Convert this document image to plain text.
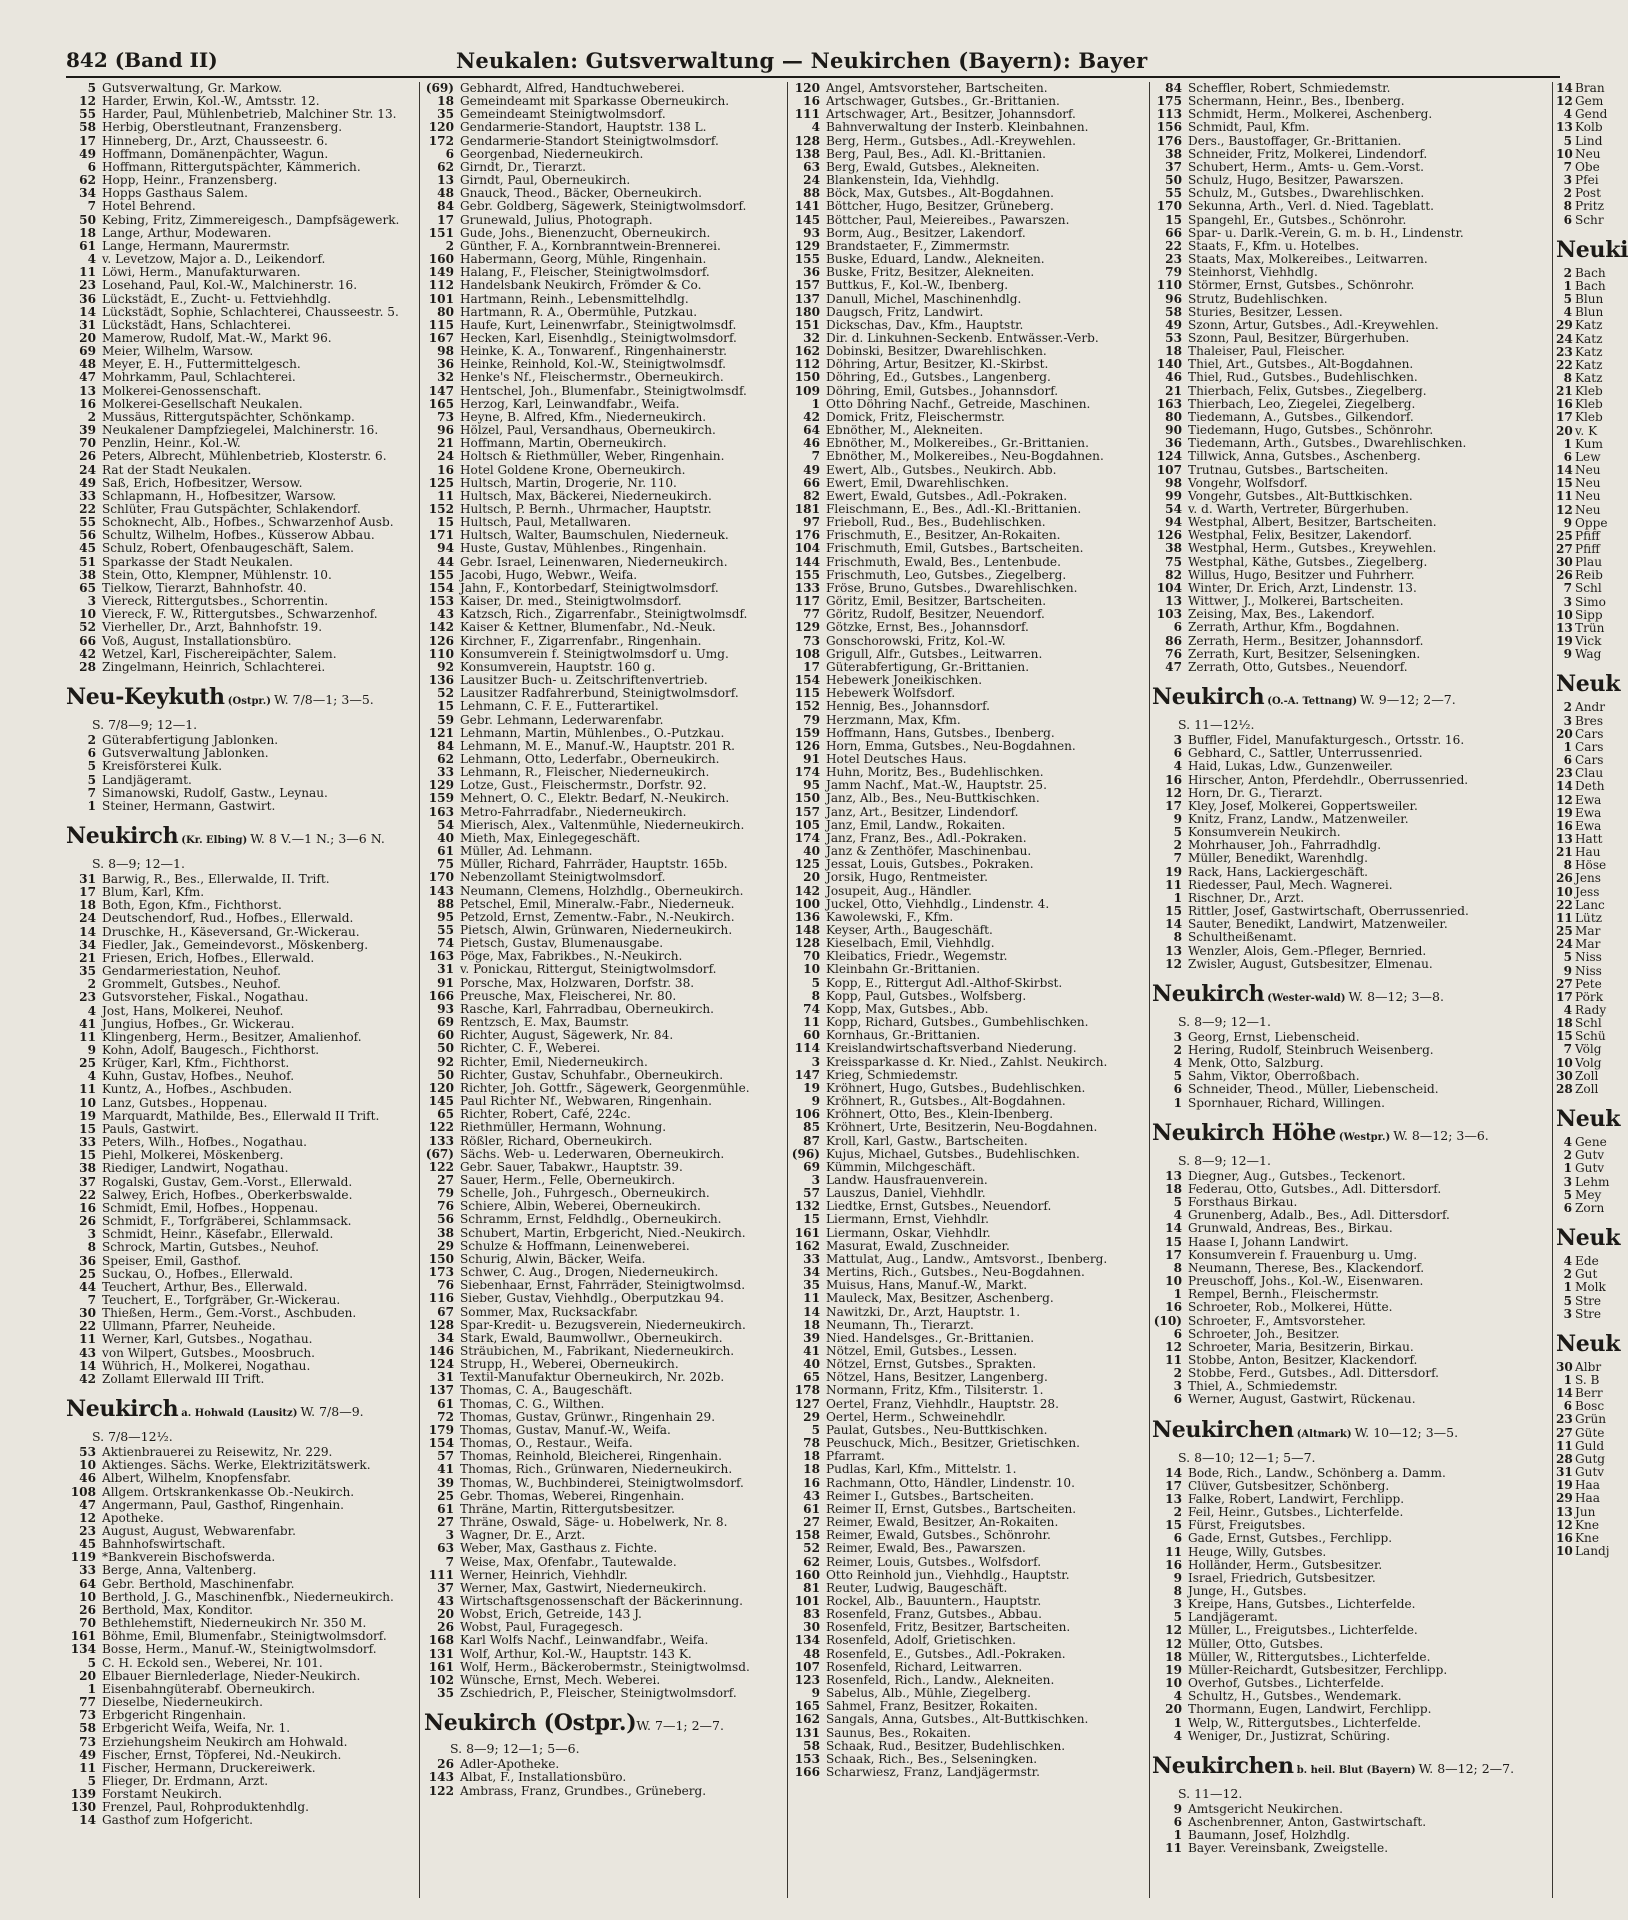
842 (Band II)	Neukalen: Gutsverwaltung — Neukirchen (Bayern): Bayer
5 Gutsverwaltung, Gr. Markow.
12 Harder, Erwin, Kol.-W., Amtsstr. 12.
55 Harder, Paul, Mühlenbetrieb, Malchiner Str. 13.
58 Herbig, Oberstleutnant, Franzensberg.
17 Hinneberg, Dr., Arzt, Chausseestr. 6.
49 Hoffmann, Domänenpächter, Wagun.
6 Hoffmann, Rittergutspächter, Kämmerich.
62 Hopp, Heinr., Franzensberg.
34 Hopps Gasthaus Salem.
7 Hotel Behrend.
50 Kebing, Fritz, Zimmereigesch., Dampfsägewerk.
18 Lange, Arthur, Modewaren.
61 Lange, Hermann, Maurermstr.
4 v. Levetzow, Major a. D., Leikendorf.
11 Löwi, Herm., Manufakturwaren.
23 Losehand, Paul, Kol.-W., Malchinerstr. 16.
36 Lückstädt, E., Zucht- u. Fettviehhdlg.
14 Lückstädt, Sophie, Schlachterei, Chausseestr. 5.
31 Lückstädt, Hans, Schlachterei.
20 Mamerow, Rudolf, Mat.-W., Markt 96.
69 Meier, Wilhelm, Warsow.
48 Meyer, E. H., Futtermittelgesch.
47 Mohrkamm, Paul, Schlachterei.
13 Molkerei-Genossenschaft.
16 Molkerei-Gesellschaft Neukalen.
2 Mussäus, Rittergutspächter, Schönkamp.
39 Neukalener Dampfziegelei, Malchinerstr. 16.
70 Penzlin, Heinr., Kol.-W.
26 Peters, Albrecht, Mühlenbetrieb, Klosterstr. 6.
24 Rat der Stadt Neukalen.
49 Saß, Erich, Hofbesitzer, Wersow.
33 Schlapmann, H., Hofbesitzer, Warsow.
22 Schlüter, Frau Gutspächter, Schlakendorf.
55 Schoknecht, Alb., Hofbes., Schwarzenhof Ausb.
56 Schultz, Wilhelm, Hofbes., Küsserow Abbau.
45 Schulz, Robert, Ofenbaugeschäft, Salem.
51 Sparkasse der Stadt Neukalen.
38 Stein, Otto, Klempner, Mühlenstr. 10.
65 Tielkow, Tierarzt, Bahnhofstr. 40.
3 Viereck, Rittergutsbes., Schorrentin.
10 Viereck, F. W., Rittergutsbes., Schwarzenhof.
52 Vierheller, Dr., Arzt, Bahnhofstr. 19.
66 Voß, August, Installationsbüro.
42 Wetzel, Karl, Fischereipächter, Salem.
28 Zingelmann, Heinrich, Schlachterei.
Neu-Keykuth (Ostpr.) W. 7/8—1; 3—5.
S. 7/8—9; 12—1.
2 Güterabfertigung Jablonken.
6 Gutsverwaltung Jablonken.
5 Kreisförsterei Kulk.
5 Landjägeramt.
7 Simanowski, Rudolf, Gastw., Leynau.
1 Steiner, Hermann, Gastwirt.
Neukirch (Kr. Elbing) W. 8 V.—1 N.; 3—6 N.
S. 8—9; 12—1.
31 Barwig, R., Bes., Ellerwalde, II. Trift.
17 Blum, Karl, Kfm.
18 Both, Egon, Kfm., Fichthorst.
24 Deutschendorf, Rud., Hofbes., Ellerwald.
14 Druschke, H., Käseversand, Gr.-Wickerau.
34 Fiedler, Jak., Gemeindevorst., Möskenberg.
21 Friesen, Erich, Hofbes., Ellerwald.
35 Gendarmeriestation, Neuhof.
2 Grommelt, Gutsbes., Neuhof.
23 Gutsvorsteher, Fiskal., Nogathau.
4 Jost, Hans, Molkerei, Neuhof.
41 Jungius, Hofbes., Gr. Wickerau.
11 Klingenberg, Herm., Besitzer, Amalienhof.
9 Kohn, Adolf, Baugesch., Fichthorst.
25 Krüger, Karl, Kfm., Fichthorst.
4 Kuhn, Gustav, Hofbes., Neuhof.
11 Kuntz, A., Hofbes., Aschbuden.
10 Lanz, Gutsbes., Hoppenau.
19 Marquardt, Mathilde, Bes., Ellerwald II Trift.
15 Pauls, Gastwirt.
33 Peters, Wilh., Hofbes., Nogathau.
15 Piehl, Molkerei, Möskenberg.
38 Riediger, Landwirt, Nogathau.
37 Rogalski, Gustav, Gem.-Vorst., Ellerwald.
22 Salwey, Erich, Hofbes., Oberkerbswalde.
16 Schmidt, Emil, Hofbes., Hoppenau.
26 Schmidt, F., Torfgräberei, Schlammsack.
3 Schmidt, Heinr., Käsefabr., Ellerwald.
8 Schrock, Martin, Gutsbes., Neuhof.
36 Speiser, Emil, Gasthof.
25 Suckau, O., Hofbes., Ellerwald.
44 Teuchert, Arthur, Bes., Ellerwald.
7 Teuchert, E., Torfgräber, Gr.-Wickerau.
30 Thießen, Herm., Gem.-Vorst., Aschbuden.
22 Ullmann, Pfarrer, Neuheide.
11 Werner, Karl, Gutsbes., Nogathau.
43 von Wilpert, Gutsbes., Moosbruch.
14 Wührich, H., Molkerei, Nogathau.
42 Zollamt Ellerwald III Trift.
Neukirch a. Hohwald (Lausitz) W. 7/8—9.
S. 7/8—12½.
53 Aktienbrauerei zu Reisewitz, Nr. 229.
10 Aktienges. Sächs. Werke, Elektrizitätswerk.
46 Albert, Wilhelm, Knopfensfabr.
108 Allgem. Ortskrankenkasse Ob.-Neukirch.
47 Angermann, Paul, Gasthof, Ringenhain.
12 Apotheke.
23 August, August, Webwarenfabr.
45 Bahnhofswirtschaft.
119 *Bankverein Bischofswerda.
33 Berge, Anna, Valtenberg.
64 Gebr. Berthold, Maschinenfabr.
10 Berthold, J. G., Maschinenfbk., Niederneukirch.
26 Berthold, Max, Konditor.
70 Bethlehemstift, Niederneukirch Nr. 350 M.
161 Böhme, Emil, Blumenfabr., Steinigtwolmsdorf.
134 Bosse, Herm., Manuf.-W., Steinigtwolmsdorf.
5 C. H. Eckold sen., Weberei, Nr. 101.
20 Elbauer Biernlederlage, Nieder-Neukirch.
1 Eisenbahngüterabf. Oberneukirch.
77 Dieselbe, Niederneukirch.
73 Erbgericht Ringenhain.
58 Erbgericht Weifa, Weifa, Nr. 1.
73 Erziehungsheim Neukirch am Hohwald.
49 Fischer, Ernst, Töpferei, Nd.-Neukirch.
11 Fischer, Hermann, Druckereiwerk.
5 Flieger, Dr. Erdmann, Arzt.
139 Forstamt Neukirch.
130 Frenzel, Paul, Rohproduktenhdlg.
14 Gasthof zum Hofgericht.
(69) Gebhardt, Alfred, Handtuchweberei.
18 Gemeindeamt mit Sparkasse Oberneukirch.
35 Gemeindeamt Steinigtwolmsdorf.
120 Gendarmerie-Standort, Hauptstr. 138 L.
172 Gendarmerie-Standort Steinigtwolmsdorf.
6 Georgenbad, Niederneukirch.
62 Girndt, Dr., Tierarzt.
13 Girndt, Paul, Oberneukirch.
48 Gnauck, Theod., Bäcker, Oberneukirch.
84 Gebr. Goldberg, Sägewerk, Steinigtwolmsdorf.
17 Grunewald, Julius, Photograph.
151 Gude, Johs., Bienenzucht, Oberneukirch.
2 Günther, F. A., Kornbranntwein-Brennerei.
160 Habermann, Georg, Mühle, Ringenhain.
149 Halang, F., Fleischer, Steinigtwolmsdorf.
112 Handelsbank Neukirch, Frömder & Co.
101 Hartmann, Reinh., Lebensmittelhdlg.
80 Hartmann, R. A., Obermühle, Putzkau.
115 Haufe, Kurt, Leinenwrfabr., Steinigtwolmsdf.
167 Hecken, Karl, Eisenhdlg., Steinigtwolmsdorf.
98 Heinke, K. A., Tonwarenf., Ringenhainerstr.
36 Heinke, Reinhold, Kol.-W., Steinigtwolmsdf.
32 Henke's Nf., Fleischermstr., Oberneukirch.
147 Hentschel, Joh., Blumenfabr., Steinigtwolmsdf.
165 Herzog, Karl, Leinwandfabr., Weifa.
73 Heyne, B. Alfred, Kfm., Niederneukirch.
96 Hölzel, Paul, Versandhaus, Oberneukirch.
21 Hoffmann, Martin, Oberneukirch.
24 Holtsch & Riethmüller, Weber, Ringenhain.
16 Hotel Goldene Krone, Oberneukirch.
125 Hultsch, Martin, Drogerie, Nr. 110.
11 Hultsch, Max, Bäckerei, Niederneukirch.
152 Hultsch, P. Bernh., Uhrmacher, Hauptstr.
15 Hultsch, Paul, Metallwaren.
171 Hultsch, Walter, Baumschulen, Niederneuk.
94 Huste, Gustav, Mühlenbes., Ringenhain.
44 Gebr. Israel, Leinenwaren, Niederneukirch.
155 Jacobi, Hugo, Webwr., Weifa.
154 Jahn, F., Kontorbedarf, Steinigtwolmsdorf.
153 Kaiser, Dr. med., Steinigtwolmsdorf.
43 Katzsch, Rich., Zigarrenfabr., Steinigtwolmsdf.
142 Kaiser & Kettner, Blumenfabr., Nd.-Neuk.
126 Kirchner, F., Zigarrenfabr., Ringenhain.
110 Konsumverein f. Steinigtwolmsdorf u. Umg.
92 Konsumverein, Hauptstr. 160 g.
136 Lausitzer Buch- u. Zeitschriftenvertrieb.
52 Lausitzer Radfahrerbund, Steinigtwolmsdorf.
15 Lehmann, C. F. E., Futterartikel.
59 Gebr. Lehmann, Lederwarenfabr.
121 Lehmann, Martin, Mühlenbes., O.-Putzkau.
84 Lehmann, M. E., Manuf.-W., Hauptstr. 201 R.
62 Lehmann, Otto, Lederfabr., Oberneukirch.
33 Lehmann, R., Fleischer, Niederneukirch.
129 Lotze, Gust., Fleischermstr., Dorfstr. 92.
159 Mehnert, O. C., Elektr. Bedarf, N.-Neukirch.
163 Metro-Fahrradfabr., Niederneukirch.
54 Mierisch, Alex., Valtenmühle, Niederneukirch.
40 Mieth, Max, Einlegegeschäft.
61 Müller, Ad. Lehmann.
75 Müller, Richard, Fahrräder, Hauptstr. 165b.
170 Nebenzollamt Steinigtwolmsdorf.
143 Neumann, Clemens, Holzhdlg., Oberneukirch.
88 Petschel, Emil, Mineralw.-Fabr., Niederneuk.
95 Petzold, Ernst, Zementw.-Fabr., N.-Neukirch.
55 Pietsch, Alwin, Grünwaren, Niederneukirch.
74 Pietsch, Gustav, Blumenausgabe.
163 Pöge, Max, Fabrikbes., N.-Neukirch.
31 v. Ponickau, Rittergut, Steinigtwolmsdorf.
91 Porsche, Max, Holzwaren, Dorfstr. 38.
166 Preusche, Max, Fleischerei, Nr. 80.
93 Rasche, Karl, Fahrradbau, Oberneukirch.
69 Rentzsch, E. Max, Baumstr.
60 Richter, August, Sägewerk, Nr. 84.
50 Richter, C. F., Weberei.
92 Richter, Emil, Niederneukirch.
50 Richter, Gustav, Schuhfabr., Oberneukirch.
120 Richter, Joh. Gottfr., Sägewerk, Georgenmühle.
145 Paul Richter Nf., Webwaren, Ringenhain.
65 Richter, Robert, Café, 224c.
122 Riethmüller, Hermann, Wohnung.
133 Rößler, Richard, Oberneukirch.
(67) Sächs. Web- u. Lederwaren, Oberneukirch.
122 Gebr. Sauer, Tabakwr., Hauptstr. 39.
27 Sauer, Herm., Felle, Oberneukirch.
79 Schelle, Joh., Fuhrgesch., Oberneukirch.
76 Schiere, Albin, Weberei, Oberneukirch.
56 Schramm, Ernst, Feldhdlg., Oberneukirch.
38 Schubert, Martin, Erbgericht, Nied.-Neukirch.
29 Schulze & Hoffmann, Leinenweberei.
150 Schurig, Alwin, Bäcker, Weifa.
173 Schwer, C. Aug., Drogen, Niederneukirch.
76 Siebenhaar, Ernst, Fahrräder, Steinigtwolmsd.
116 Sieber, Gustav, Viehhdlg., Oberputzkau 94.
67 Sommer, Max, Rucksackfabr.
128 Spar-Kredit- u. Bezugsverein, Niederneukirch.
34 Stark, Ewald, Baumwollwr., Oberneukirch.
146 Sträubichen, M., Fabrikant, Niederneukirch.
124 Strupp, H., Weberei, Oberneukirch.
31 Textil-Manufaktur Oberneukirch, Nr. 202b.
137 Thomas, C. A., Baugeschäft.
61 Thomas, C. G., Wilthen.
72 Thomas, Gustav, Grünwr., Ringenhain 29.
179 Thomas, Gustav, Manuf.-W., Weifa.
154 Thomas, O., Restaur., Weifa.
57 Thomas, Reinhold, Bleicherei, Ringenhain.
41 Thomas, Rich., Grünwaren, Niederneukirch.
39 Thomas, W., Buchbinderei, Steinigtwolmsdorf.
25 Gebr. Thomas, Weberei, Ringenhain.
61 Thräne, Martin, Rittergutsbesitzer.
27 Thräne, Oswald, Säge- u. Hobelwerk, Nr. 8.
3 Wagner, Dr. E., Arzt.
63 Weber, Max, Gasthaus z. Fichte.
7 Weise, Max, Ofenfabr., Tautewalde.
111 Werner, Heinrich, Viehhdlr.
37 Werner, Max, Gastwirt, Niederneukirch.
43 Wirtschaftsgenossenschaft der Bäckerinnung.
20 Wobst, Erich, Getreide, 143 J.
26 Wobst, Paul, Furagegesch.
168 Karl Wolfs Nachf., Leinwandfabr., Weifa.
131 Wolf, Arthur, Kol.-W., Hauptstr. 143 K.
161 Wolf, Herm., Bäckerobermstr., Steinigtwolmsd.
102 Wünsche, Ernst, Mech. Weberei.
35 Zschiedrich, P., Fleischer, Steinigtwolmsdorf.
Neukirch (Ostpr.) W. 7—1; 2—7.
S. 8—9; 12—1; 5—6.
26 Adler-Apotheke.
143 Albat, F., Installationsbüro.
122 Ambrass, Franz, Grundbes., Grüneberg.
120 Angel, Amtsvorsteher, Bartscheiten.
16 Artschwager, Gutsbes., Gr.-Brittanien.
111 Artschwager, Art., Besitzer, Johannsdorf.
4 Bahnverwaltung der Insterb. Kleinbahnen.
128 Berg, Herm., Gutsbes., Adl.-Kreywehlen.
138 Berg, Paul, Bes., Adl. Kl.-Brittanien.
63 Berg, Ewald, Gutsbes., Alekneiten.
24 Blankenstein, Ida, Viehhdlg.
88 Böck, Max, Gutsbes., Alt-Bogdahnen.
141 Böttcher, Hugo, Besitzer, Grüneberg.
145 Böttcher, Paul, Meiereibes., Pawarszen.
93 Borm, Aug., Besitzer, Lakendorf.
129 Brandstaeter, F., Zimmermstr.
155 Buske, Eduard, Landw., Alekneiten.
36 Buske, Fritz, Besitzer, Alekneiten.
157 Buttkus, F., Kol.-W., Ibenberg.
137 Danull, Michel, Maschinenhdlg.
180 Daugsch, Fritz, Landwirt.
151 Dickschas, Dav., Kfm., Hauptstr.
32 Dir. d. Linkuhnen-Seckenb. Entwässer.-Verb.
162 Dobinski, Besitzer, Dwarehlischken.
112 Döhring, Artur, Besitzer, Kl.-Skirbst.
150 Döhring, Ed., Gutsbes., Langenberg.
109 Döhring, Emil, Gutsbes., Johannsdorf.
1 Otto Döhring Nachf., Getreide, Maschinen.
42 Domick, Fritz, Fleischermstr.
64 Ebnöther, M., Alekneiten.
46 Ebnöther, M., Molkereibes., Gr.-Brittanien.
7 Ebnöther, M., Molkereibes., Neu-Bogdahnen.
49 Ewert, Alb., Gutsbes., Neukirch. Abb.
66 Ewert, Emil, Dwarehlischken.
82 Ewert, Ewald, Gutsbes., Adl.-Pokraken.
181 Fleischmann, E., Bes., Adl.-Kl.-Brittanien.
97 Frieboll, Rud., Bes., Budehlischken.
176 Frischmuth, E., Besitzer, An-Rokaiten.
104 Frischmuth, Emil, Gutsbes., Bartscheiten.
144 Frischmuth, Ewald, Bes., Lentenbude.
155 Frischmuth, Leo, Gutsbes., Ziegelberg.
133 Fröse, Bruno, Gutsbes., Dwarehlischken.
117 Göritz, Emil, Besitzer, Bartscheiten.
77 Göritz, Rudolf, Besitzer, Neuendorf.
129 Götzke, Ernst, Bes., Johannsdorf.
73 Gonschorowski, Fritz, Kol.-W.
108 Grigull, Alfr., Gutsbes., Leitwarren.
17 Güterabfertigung, Gr.-Brittanien.
154 Hebewerk Joneikischken.
115 Hebewerk Wolfsdorf.
152 Hennig, Bes., Johannsdorf.
79 Herzmann, Max, Kfm.
159 Hoffmann, Hans, Gutsbes., Ibenberg.
126 Horn, Emma, Gutsbes., Neu-Bogdahnen.
91 Hotel Deutsches Haus.
174 Huhn, Moritz, Bes., Budehlischken.
95 Jamm Nachf., Mat.-W., Hauptstr. 25.
150 Janz, Alb., Bes., Neu-Buttkischken.
157 Janz, Art., Besitzer, Lindendorf.
105 Janz, Emil, Landw., Rokaiten.
174 Janz, Franz, Bes., Adl.-Pokraken.
40 Janz & Zenthöfer, Maschinenbau.
125 Jessat, Louis, Gutsbes., Pokraken.
20 Jorsik, Hugo, Rentmeister.
142 Josupeit, Aug., Händler.
100 Juckel, Otto, Viehhdlg., Lindenstr. 4.
136 Kawolewski, F., Kfm.
148 Keyser, Arth., Baugeschäft.
128 Kieselbach, Emil, Viehhdlg.
70 Kleibatics, Friedr., Wegemstr.
10 Kleinbahn Gr.-Brittanien.
5 Kopp, E., Rittergut Adl.-Althof-Skirbst.
8 Kopp, Paul, Gutsbes., Wolfsberg.
74 Kopp, Max, Gutsbes., Abb.
11 Kopp, Richard, Gutsbes., Gumbehlischken.
60 Kornhaus, Gr.-Brittanien.
114 Kreislandwirtschaftsverband Niederung.
3 Kreissparkasse d. Kr. Nied., Zahlst. Neukirch.
147 Krieg, Schmiedemstr.
19 Kröhnert, Hugo, Gutsbes., Budehlischken.
9 Kröhnert, R., Gutsbes., Alt-Bogdahnen.
106 Kröhnert, Otto, Bes., Klein-Ibenberg.
85 Kröhnert, Urte, Besitzerin, Neu-Bogdahnen.
87 Kroll, Karl, Gastw., Bartscheiten.
(96) Kujus, Michael, Gutsbes., Budehlischken.
69 Kümmin, Milchgeschäft.
3 Landw. Hausfrauenverein.
57 Lauszus, Daniel, Viehhdlr.
132 Liedtke, Ernst, Gutsbes., Neuendorf.
15 Liermann, Ernst, Viehhdlr.
161 Liermann, Oskar, Viehhdlr.
162 Masurat, Ewald, Zuschneider.
33 Mattulat, Aug., Landw., Amtsvorst., Ibenberg.
34 Mertins, Rich., Gutsbes., Neu-Bogdahnen.
35 Muisus, Hans, Manuf.-W., Markt.
11 Mauleck, Max, Besitzer, Aschenberg.
14 Nawitzki, Dr., Arzt, Hauptstr. 1.
18 Neumann, Th., Tierarzt.
39 Nied. Handelsges., Gr.-Brittanien.
41 Nötzel, Emil, Gutsbes., Lessen.
40 Nötzel, Ernst, Gutsbes., Sprakten.
65 Nötzel, Hans, Besitzer, Langenberg.
178 Normann, Fritz, Kfm., Tilsiterstr. 1.
127 Oertel, Franz, Viehhdlr., Hauptstr. 28.
29 Oertel, Herm., Schweinehdlr.
5 Paulat, Gutsbes., Neu-Buttkischken.
78 Peuschuck, Mich., Besitzer, Grietischken.
18 Pfarramt.
18 Pudlas, Karl, Kfm., Mittelstr. 1.
16 Rachmann, Otto, Händler, Lindenstr. 10.
43 Reimer I., Gutsbes., Bartscheiten.
61 Reimer II, Ernst, Gutsbes., Bartscheiten.
27 Reimer, Ewald, Besitzer, An-Rokaiten.
158 Reimer, Ewald, Gutsbes., Schönrohr.
52 Reimer, Ewald, Bes., Pawarszen.
62 Reimer, Louis, Gutsbes., Wolfsdorf.
160 Otto Reinhold jun., Viehhdlg., Hauptstr.
81 Reuter, Ludwig, Baugeschäft.
101 Rockel, Alb., Bauuntern., Hauptstr.
83 Rosenfeld, Franz, Gutsbes., Abbau.
30 Rosenfeld, Fritz, Besitzer, Bartscheiten.
134 Rosenfeld, Adolf, Grietischken.
48 Rosenfeld, E., Gutsbes., Adl.-Pokraken.
107 Rosenfeld, Richard, Leitwarren.
123 Rosenfeld, Rich., Landw., Alekneiten.
9 Sabelus, Alb., Mühle, Ziegelberg.
165 Sahmel, Franz, Besitzer, Rokaiten.
162 Sangals, Anna, Gutsbes., Alt-Buttkischken.
131 Saunus, Bes., Rokaiten.
58 Schaak, Rud., Besitzer, Budehlischken.
153 Schaak, Rich., Bes., Selseningken.
166 Scharwiesz, Franz, Landjägermstr.
84 Scheffler, Robert, Schmiedemstr.
175 Schermann, Heinr., Bes., Ibenberg.
113 Schmidt, Herm., Molkerei, Aschenberg.
156 Schmidt, Paul, Kfm.
176 Ders., Baustoffager, Gr.-Brittanien.
38 Schneider, Fritz, Molkerei, Lindendorf.
37 Schubert, Herm., Amts- u. Gem.-Vorst.
50 Schulz, Hugo, Besitzer, Pawarszen.
55 Schulz, M., Gutsbes., Dwarehlischken.
170 Sekunna, Arth., Verl. d. Nied. Tageblatt.
15 Spangehl, Er., Gutsbes., Schönrohr.
66 Spar- u. Darlk.-Verein, G. m. b. H., Lindenstr.
22 Staats, F., Kfm. u. Hotelbes.
23 Staats, Max, Molkereibes., Leitwarren.
79 Steinhorst, Viehhdlg.
110 Störmer, Ernst, Gutsbes., Schönrohr.
96 Strutz, Budehlischken.
58 Sturies, Besitzer, Lessen.
49 Szonn, Artur, Gutsbes., Adl.-Kreywehlen.
53 Szonn, Paul, Besitzer, Bürgerhuben.
18 Thaleiser, Paul, Fleischer.
140 Thiel, Art., Gutsbes., Alt-Bogdahnen.
46 Thiel, Rud., Gutsbes., Budehlischken.
21 Thierbach, Felix, Gutsbes., Ziegelberg.
163 Thierbach, Leo, Ziegelei, Ziegelberg.
80 Tiedemann, A., Gutsbes., Gilkendorf.
90 Tiedemann, Hugo, Gutsbes., Schönrohr.
36 Tiedemann, Arth., Gutsbes., Dwarehlischken.
124 Tillwick, Anna, Gutsbes., Aschenberg.
107 Trutnau, Gutsbes., Bartscheiten.
98 Vongehr, Wolfsdorf.
99 Vongehr, Gutsbes., Alt-Buttkischken.
54 v. d. Warth, Vertreter, Bürgerhuben.
94 Westphal, Albert, Besitzer, Bartscheiten.
126 Westphal, Felix, Besitzer, Lakendorf.
38 Westphal, Herm., Gutsbes., Kreywehlen.
75 Westphal, Käthe, Gutsbes., Ziegelberg.
82 Willus, Hugo, Besitzer und Fuhrherr.
104 Winter, Dr. Erich, Arzt, Lindenstr. 13.
13 Wittwer, J., Molkerei, Bartscheiten.
103 Zeising, Max, Bes., Lakendorf.
6 Zerrath, Arthur, Kfm., Bogdahnen.
86 Zerrath, Herm., Besitzer, Johannsdorf.
76 Zerrath, Kurt, Besitzer, Selseningken.
47 Zerrath, Otto, Gutsbes., Neuendorf.
Neukirch (O.-A. Tettnang) W. 9—12; 2—7.
S. 11—12½.
3 Buffler, Fidel, Manufakturgesch., Ortsstr. 16.
6 Gebhard, C., Sattler, Unterrussenried.
4 Haid, Lukas, Ldw., Gunzenweiler.
16 Hirscher, Anton, Pferdehdlr., Oberrussenried.
12 Horn, Dr. G., Tierarzt.
17 Kley, Josef, Molkerei, Goppertsweiler.
9 Knitz, Franz, Landw., Matzenweiler.
5 Konsumverein Neukirch.
2 Mohrhauser, Joh., Fahrradhdlg.
7 Müller, Benedikt, Warenhdlg.
19 Rack, Hans, Lackiergeschäft.
11 Riedesser, Paul, Mech. Wagnerei.
1 Rischner, Dr., Arzt.
15 Rittler, Josef, Gastwirtschaft, Oberrussenried.
14 Sauter, Benedikt, Landwirt, Matzenweiler.
8 Schultheißenamt.
13 Wenzler, Alois, Gem.-Pfleger, Bernried.
12 Zwisler, August, Gutsbesitzer, Elmenau.
Neukirch (Wester-wald) W. 8—12; 3—8.
S. 8—9; 12—1.
3 Georg, Ernst, Liebenscheid.
2 Hering, Rudolf, Steinbruch Weisenberg.
4 Menk, Otto, Salzburg.
5 Sahm, Viktor, Oberroßbach.
6 Schneider, Theod., Müller, Liebenscheid.
1 Spornhauer, Richard, Willingen.
Neukirch Höhe (Westpr.) W. 8—12; 3—6.
S. 8—9; 12—1.
13 Diegner, Aug., Gutsbes., Teckenort.
18 Federau, Otto, Gutsbes., Adl. Dittersdorf.
5 Forsthaus Birkau.
4 Grunenberg, Adalb., Bes., Adl. Dittersdorf.
14 Grunwald, Andreas, Bes., Birkau.
15 Haase I, Johann Landwirt.
17 Konsumverein f. Frauenburg u. Umg.
8 Neumann, Therese, Bes., Klackendorf.
10 Preuschoff, Johs., Kol.-W., Eisenwaren.
1 Rempel, Bernh., Fleischermstr.
16 Schroeter, Rob., Molkerei, Hütte.
(10) Schroeter, F., Amtsvorsteher.
6 Schroeter, Joh., Besitzer.
12 Schroeter, Maria, Besitzerin, Birkau.
11 Stobbe, Anton, Besitzer, Klackendorf.
2 Stobbe, Ferd., Gutsbes., Adl. Dittersdorf.
3 Thiel, A., Schmiedemstr.
6 Werner, August, Gastwirt, Rückenau.
Neukirchen (Altmark) W. 10—12; 3—5.
S. 8—10; 12—1; 5—7.
14 Bode, Rich., Landw., Schönberg a. Damm.
17 Clüver, Gutsbesitzer, Schönberg.
13 Falke, Robert, Landwirt, Ferchlipp.
2 Feil, Heinr., Gutsbes., Lichterfelde.
15 Fürst, Freigutsbes.
6 Gade, Ernst, Gutsbes., Ferchlipp.
11 Heuge, Willy, Gutsbes.
16 Holländer, Herm., Gutsbesitzer.
9 Israel, Friedrich, Gutsbesitzer.
8 Junge, H., Gutsbes.
3 Kreipe, Hans, Gutsbes., Lichterfelde.
5 Landjägeramt.
12 Müller, L., Freigutsbes., Lichterfelde.
12 Müller, Otto, Gutsbes.
18 Müller, W., Rittergutsbes., Lichterfelde.
19 Müller-Reichardt, Gutsbesitzer, Ferchlipp.
10 Overhof, Gutsbes., Lichterfelde.
4 Schultz, H., Gutsbes., Wendemark.
20 Thormann, Eugen, Landwirt, Ferchlipp.
1 Welp, W., Rittergutsbes., Lichterfelde.
4 Weniger, Dr., Justizrat, Schüring.
Neukirchen b. heil. Blut (Bayern) W. 8—12; 2—7.
S. 11—12.
9 Amtsgericht Neukirchen.
6 Aschenbrenner, Anton, Gastwirtschaft.
1 Baumann, Josef, Holzhdlg.
11 Bayer. Vereinsbank, Zweigstelle.
14 Bran
12 Gem
4 Gend
13 Kolb
5 Lind
10 Neu
7 Obe
3 Pfei
2 Post
8 Pritz
6 Schr
Neuki
2 Bach
1 Bach
5 Blun
4 Blun
29 Katz
24 Katz
23 Katz
22 Katz
8 Katz
21 Kleb
16 Kleb
17 Kleb
20 v. K
1 Kum
6 Lew
14 Neu
15 Neu
11 Neu
12 Neu
9 Oppe
25 Pfiff
27 Pfiff
30 Plau
26 Reib
7 Schl
3 Simo
10 Sipp
13 Trün
19 Vick
9 Wag
Neuk
2 Andr
3 Bres
20 Cars
1 Cars
6 Cars
23 Clau
14 Deth
12 Ewa
19 Ewa
16 Ewa
13 Hatt
21 Hau
8 Höse
26 Jens
10 Jess
22 Lanc
11 Lütz
25 Mar
24 Mar
5 Niss
9 Niss
27 Pete
17 Pörk
4 Rady
18 Schl
15 Schü
7 Völg
10 Volg
30 Zoll
28 Zoll
Neuk
4 Gene
2 Gutv
1 Gutv
3 Lehm
5 Mey
6 Zorn
Neuk
4 Ede
2 Gut
1 Molk
5 Stre
3 Stre
Neuk
30 Albr
1 S. B
14 Berr
6 Bosc
23 Grün
27 Güte
11 Guld
28 Gutg
31 Gutv
19 Haa
29 Haa
13 Jun
12 Kne
16 Kne
10 Landj
